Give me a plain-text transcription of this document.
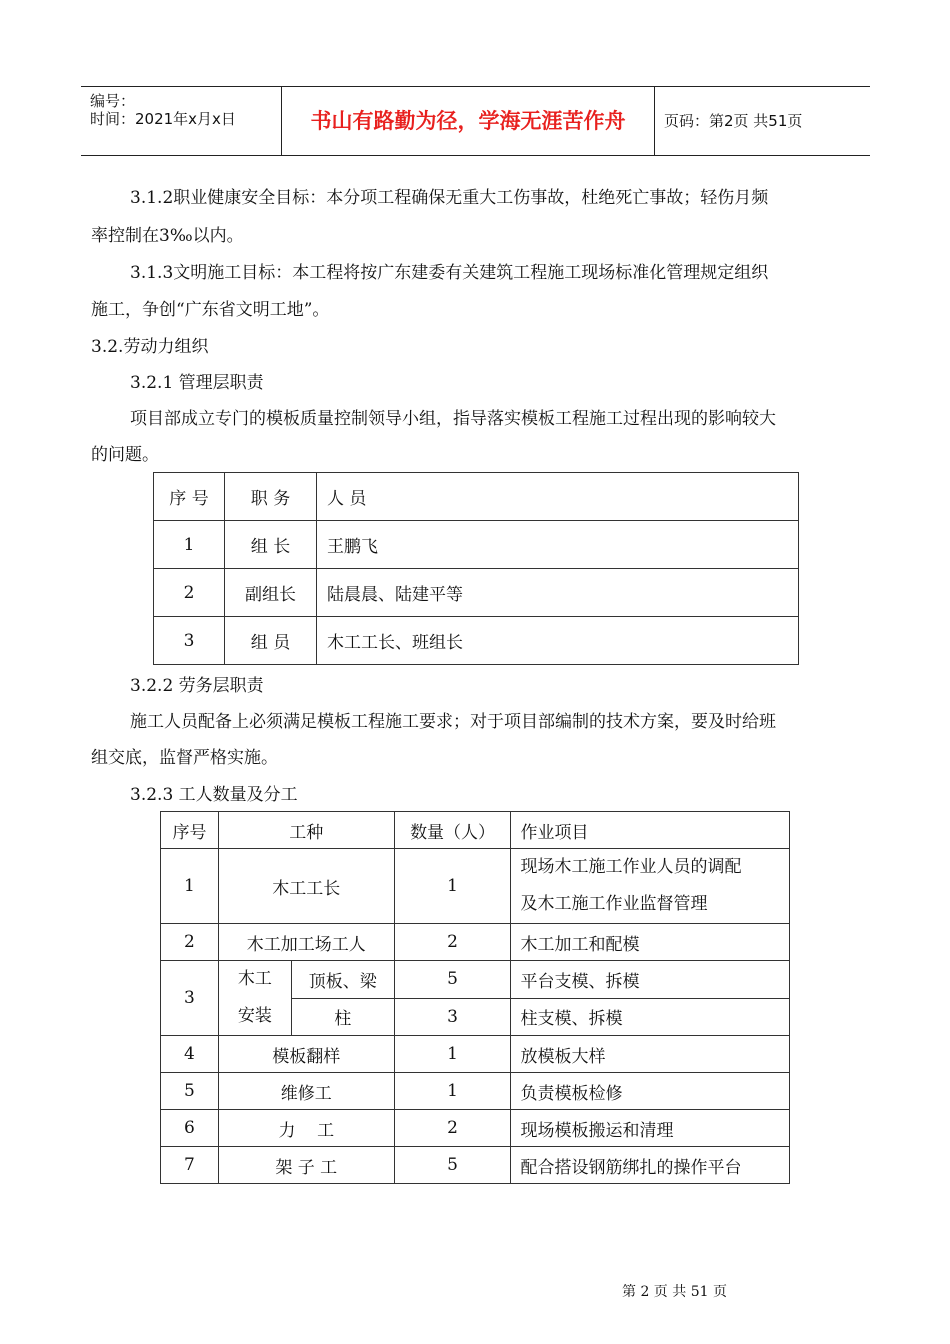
编号：
时间：2021年x月x日	书山有路勤为径，学海无涯苦作舟	页码：第2页 共51页
3.1.2职业健康安全目标：本分项工程确保无重大工伤事故，杜绝死亡事故；轻伤月频
率控制在3‰以内。
3.1.3文明施工目标：本工程将按广东建委有关建筑工程施工现场标准化管理规定组织
施工，争创“广东省文明工地”。
3.2.劳动力组织
3.2.1 管理层职责
项目部成立专门的模板质量控制领导小组，指导落实模板工程施工过程出现的影响较大
的问题。
序 号	职 务	人 员
1	组 长	王鹏飞
2	副组长	陆晨晨、陆建平等
3	组 员	木工工长、班组长
3.2.2 劳务层职责
施工人员配备上必须满足模板工程施工要求；对于项目部编制的技术方案，要及时给班
组交底，监督严格实施。
3.2.3 工人数量及分工
序号	工种		数量（人）	作业项目
1	木工工长		1	现场木工施工作业人员的调配
及木工施工作业监督管理

2	木工加工场工人		2	木工加工和配模
3	木工
安装	顶板、梁	5	平台支模、拆模
		柱	3	柱支模、拆模
4	模板翻样		1	放模板大样
5	维修工		1	负责模板检修
6	力    工		2	现场模板搬运和清理
7	架 子 工		5	配合搭设钢筋绑扎的操作平台
第 2 页 共 51 页
